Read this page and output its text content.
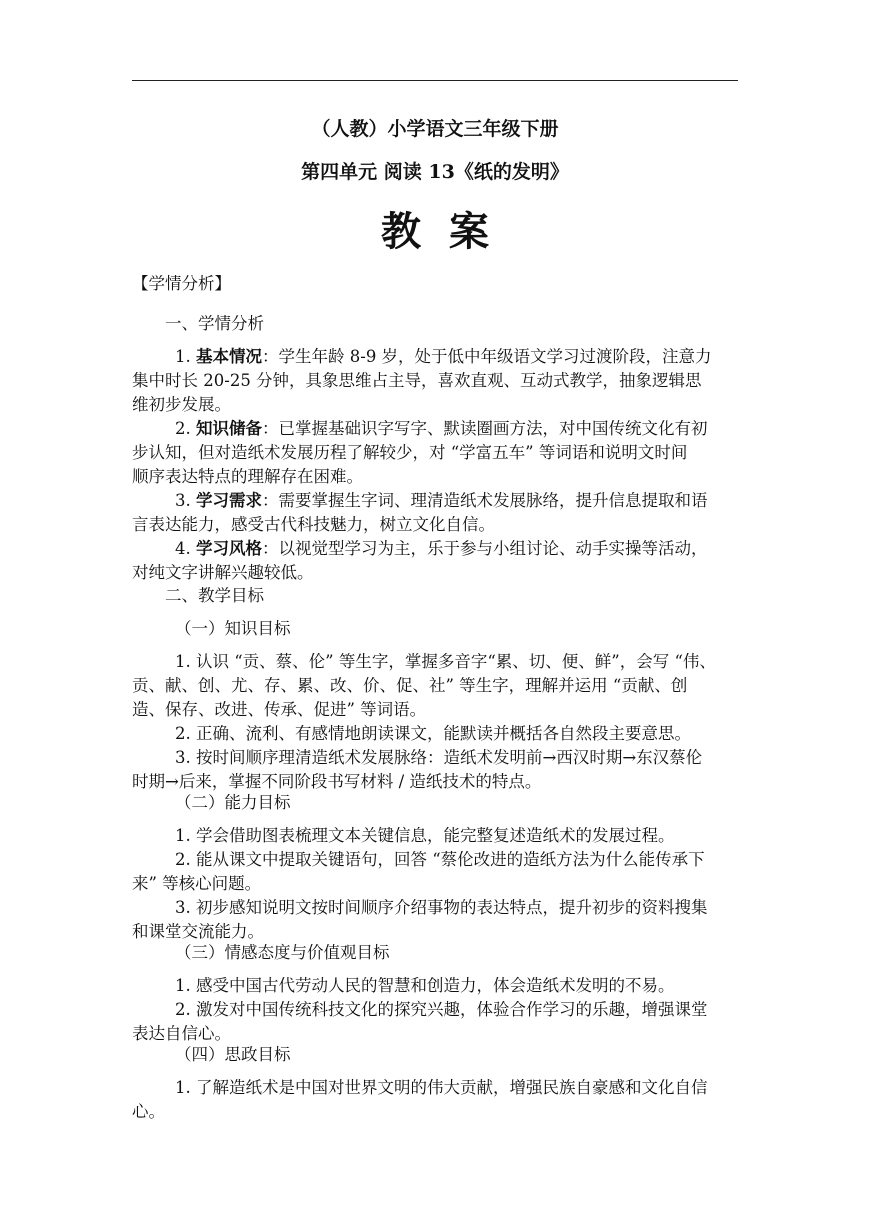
（人教）小学语文三年级下册
第四单元 阅读 13《纸的发明》
教案
【学情分析】
一、学情分析
1. 基本情况：学生年龄 8-9 岁，处于低中年级语文学习过渡阶段，注意力
集中时长 20-25 分钟，具象思维占主导，喜欢直观、互动式教学，抽象逻辑思
维初步发展。
2. 知识储备：已掌握基础识字写字、默读圈画方法，对中国传统文化有初
步认知，但对造纸术发展历程了解较少，对 “学富五车” 等词语和说明文时间
顺序表达特点的理解存在困难。
3. 学习需求：需要掌握生字词、理清造纸术发展脉络，提升信息提取和语
言表达能力，感受古代科技魅力，树立文化自信。
4. 学习风格：以视觉型学习为主，乐于参与小组讨论、动手实操等活动，
对纯文字讲解兴趣较低。
二、教学目标
（一）知识目标
1. 认识 “贡、蔡、伦” 等生字，掌握多音字“累、切、便、鲜”，会写 “伟、
贡、献、创、尤、存、累、改、价、促、社” 等生字，理解并运用 “贡献、创
造、保存、改进、传承、促进” 等词语。
2. 正确、流利、有感情地朗读课文，能默读并概括各自然段主要意思。
3. 按时间顺序理清造纸术发展脉络：造纸术发明前→西汉时期→东汉蔡伦
时期→后来，掌握不同阶段书写材料 / 造纸技术的特点。
（二）能力目标
1. 学会借助图表梳理文本关键信息，能完整复述造纸术的发展过程。
2. 能从课文中提取关键语句，回答 “蔡伦改进的造纸方法为什么能传承下
来” 等核心问题。
3. 初步感知说明文按时间顺序介绍事物的表达特点，提升初步的资料搜集
和课堂交流能力。
（三）情感态度与价值观目标
1. 感受中国古代劳动人民的智慧和创造力，体会造纸术发明的不易。
2. 激发对中国传统科技文化的探究兴趣，体验合作学习的乐趣，增强课堂
表达自信心。
（四）思政目标
1. 了解造纸术是中国对世界文明的伟大贡献，增强民族自豪感和文化自信
心。
